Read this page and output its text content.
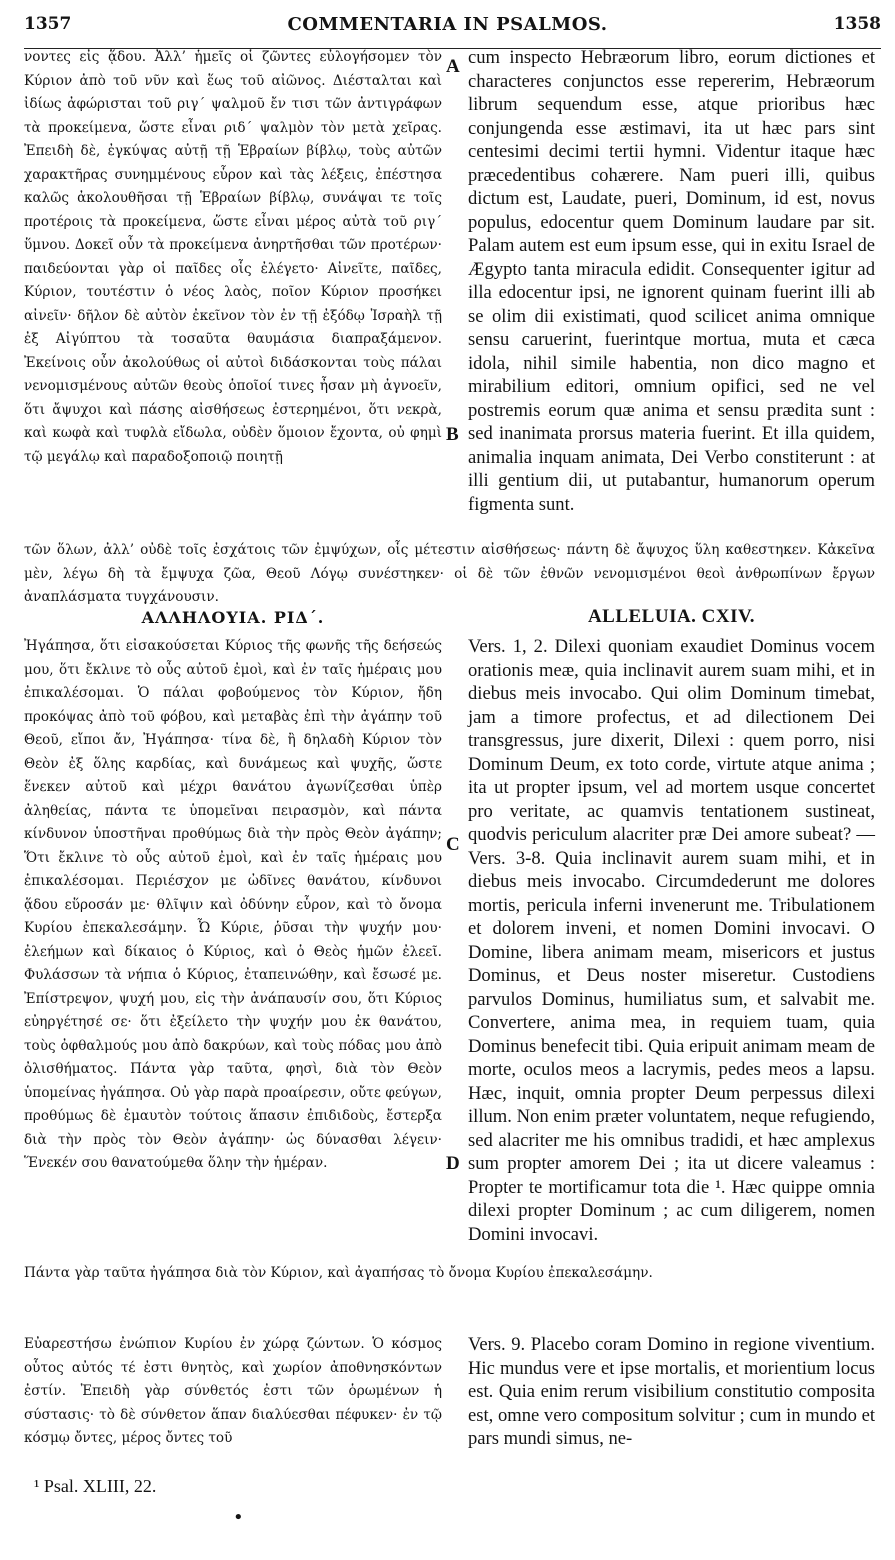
1357	COMMENTARIA IN PSALMOS.	1358

νοντες εἰς ᾅδου. Ἀλλ’ ἡμεῖς οἱ ζῶντες εὐλογήσομεν τὸν Κύριον ἀπὸ τοῦ νῦν καὶ ἕως τοῦ αἰῶνος. Διέσταλται καὶ ἰδίως ἀφώρισται τοῦ ριγ´ ψαλμοῦ ἔν τισι τῶν ἀντιγράφων τὰ προκείμενα, ὥστε εἶναι ριδ´ ψαλμὸν τὸν μετὰ χεῖρας. Ἐπειδὴ δὲ, ἐγκύψας αὐτῇ τῇ Ἑβραίων βίβλῳ, τοὺς αὐτῶν χαρακτῆρας συνημμένους εὗρον καὶ τὰς λέξεις, ἐπέστησα καλῶς ἀκολουθῆσαι τῇ Ἑβραίων βίβλῳ, συνάψαι τε τοῖς προτέροις τὰ προκείμενα, ὥστε εἶναι μέρος αὐτὰ τοῦ ριγ´ ὕμνου. Δοκεῖ οὖν τὰ προκείμενα ἀνηρτῆσθαι τῶν προτέρων· παιδεύονται γὰρ οἱ παῖδες οἷς ἐλέγετο· Αἰνεῖτε, παῖδες, Κύριον, τουτέστιν ὁ νέος λαὸς, ποῖον Κύριον προσήκει αἰνεῖν· δῆλον δὲ αὐτὸν ἐκεῖνον τὸν ἐν τῇ ἐξόδῳ Ἰσραὴλ τῇ ἐξ Αἰγύπτου τὰ τοσαῦτα θαυμάσια διαπραξάμενον. Ἐκείνοις οὖν ἀκολούθως οἱ αὐτοὶ διδάσκονται τοὺς πάλαι νενομισμένους αὐτῶν θεοὺς ὁποῖοί τινες ἦσαν μὴ ἀγνοεῖν, ὅτι ἄψυχοι καὶ πάσης αἰσθήσεως ἐστερημένοι, ὅτι νεκρὰ, καὶ κωφὰ καὶ τυφλὰ εἴδωλα, οὐδὲν ὅμοιον ἔχοντα, οὐ φημὶ τῷ μεγάλῳ καὶ παραδοξοποιῷ ποιητῇ

cum inspecto Hebræorum libro, eorum dictiones et characteres conjunctos esse repererim, Hebræorum librum sequendum esse, atque prioribus hæc conjungenda esse æstimavi, ita ut hæc pars sint centesimi decimi tertii hymni. Videntur itaque hæc præcedentibus cohærere. Nam pueri illi, quibus dictum est, Laudate, pueri, Dominum, id est, novus populus, edocentur quem Dominum laudare par sit. Palam autem est eum ipsum esse, qui in exitu Israel de Ægypto tanta miracula edidit. Consequenter igitur ad illa edocentur ipsi, ne ignorent quinam fuerint illi ab se olim dii existimati, quod scilicet anima omnique sensu caruerint, fuerintque mortua, muta et cæca idola, nihil simile habentia, non dico magno et mirabilium editori, omnium opifici, sed ne vel postremis eorum quæ anima et sensu prædita sunt : sed inanimata prorsus materia fuerint. Et illa quidem, animalia inquam animata, Dei Verbo constiterunt : at illi gentium dii, ut putabantur, humanorum operum figmenta sunt.

τῶν ὅλων, ἀλλ’ οὐδὲ τοῖς ἐσχάτοις τῶν ἐμψύχων, οἷς μέτεστιν αἰσθήσεως· πάντη δὲ ἄψυχος ὕλη καθεστηκεν. Κἀκεῖνα μὲν, λέγω δὴ τὰ ἔμψυχα ζῶα, Θεοῦ Λόγῳ συνέστηκεν· οἱ δὲ τῶν ἐθνῶν νενομισμένοι θεοὶ ἀνθρωπίνων ἔργων ἀναπλάσματα τυγχάνουσιν.

ΑΛΛΗΛΟΥΙΑ. ΡΙΔ´.	ALLELUIA. CXIV.

Ἠγάπησα, ὅτι εἰσακούσεται Κύριος τῆς φωνῆς τῆς δεήσεώς μου, ὅτι ἔκλινε τὸ οὖς αὐτοῦ ἐμοὶ, καὶ ἐν ταῖς ἡμέραις μου ἐπικαλέσομαι. Ὁ πάλαι φοβούμενος τὸν Κύριον, ἤδη προκόψας ἀπὸ τοῦ φόβου, καὶ μεταβὰς ἐπὶ τὴν ἀγάπην τοῦ Θεοῦ, εἴποι ἄν, Ἠγάπησα· τίνα δὲ, ἢ δηλαδὴ Κύριον τὸν Θεὸν ἐξ ὅλης καρδίας, καὶ δυνάμεως καὶ ψυχῆς, ὥστε ἕνεκεν αὐτοῦ καὶ μέχρι θανάτου ἀγωνίζεσθαι ὑπὲρ ἀληθείας, πάντα τε ὑπομεῖναι πειρασμὸν, καὶ πάντα κίνδυνον ὑποστῆναι προθύμως διὰ τὴν πρὸς Θεὸν ἀγάπην; Ὅτι ἔκλινε τὸ οὖς αὐτοῦ ἐμοὶ, καὶ ἐν ταῖς ἡμέραις μου ἐπικαλέσομαι. Περιέσχον με ὠδῖνες θανάτου, κίνδυνοι ᾅδου εὕροσάν με· θλῖψιν καὶ ὀδύνην εὗρον, καὶ τὸ ὄνομα Κυρίου ἐπεκαλεσάμην. Ὦ Κύριε, ῥῦσαι τὴν ψυχήν μου· ἐλεήμων καὶ δίκαιος ὁ Κύριος, καὶ ὁ Θεὸς ἡμῶν ἐλεεῖ. Φυλάσσων τὰ νήπια ὁ Κύριος, ἐταπεινώθην, καὶ ἔσωσέ με. Ἐπίστρεψον, ψυχή μου, εἰς τὴν ἀνάπαυσίν σου, ὅτι Κύριος εὐηργέτησέ σε· ὅτι ἐξείλετο τὴν ψυχήν μου ἐκ θανάτου, τοὺς ὀφθαλμούς μου ἀπὸ δακρύων, καὶ τοὺς πόδας μου ἀπὸ ὀλισθήματος. Πάντα γὰρ ταῦτα, φησὶ, διὰ τὸν Θεὸν ὑπομείνας ἠγάπησα. Οὐ γὰρ παρὰ προαίρεσιν, οὔτε φεύγων, προθύμως δὲ ἐμαυτὸν τούτοις ἅπασιν ἐπιδιδοὺς, ἔστερξα διὰ τὴν πρὸς τὸν Θεὸν ἀγάπην· ὡς δύνασθαι λέγειν· Ἕνεκέν σου θανατούμεθα ὅλην τὴν ἡμέραν.

Vers. 1, 2. Dilexi quoniam exaudiet Dominus vocem orationis meæ, quia inclinavit aurem suam mihi, et in diebus meis invocabo. Qui olim Dominum timebat, jam a timore profectus, et ad dilectionem Dei transgressus, jure dixerit, Dilexi : quem porro, nisi Dominum Deum, ex toto corde, virtute atque anima ; ita ut propter ipsum, vel ad mortem usque concertet pro veritate, ac quamvis tentationem sustineat, quodvis periculum alacriter præ Dei amore subeat? — Vers. 3-8. Quia inclinavit aurem suam mihi, et in diebus meis invocabo. Circumdederunt me dolores mortis, pericula inferni invenerunt me. Tribulationem et dolorem inveni, et nomen Domini invocavi. O Domine, libera animam meam, misericors et justus Dominus, et Deus noster miseretur. Custodiens parvulos Dominus, humiliatus sum, et salvabit me. Convertere, anima mea, in requiem tuam, quia Dominus benefecit tibi. Quia eripuit animam meam de morte, oculos meos a lacrymis, pedes meos a lapsu. Hæc, inquit, omnia propter Deum perpessus dilexi illum. Non enim præter voluntatem, neque refugiendo, sed alacriter me his omnibus tradidi, et hæc amplexus sum propter amorem Dei ; ita ut dicere valeamus : Propter te mortificamur tota die ¹. Hæc quippe omnia dilexi propter Dominum ; ac cum diligerem, nomen Domini invocavi.

Πάντα γὰρ ταῦτα ἠγάπησα διὰ τὸν Κύριον, καὶ ἀγαπήσας τὸ ὄνομα Κυρίου ἐπεκαλεσάμην.

Εὐαρεστήσω ἐνώπιον Κυρίου ἐν χώρᾳ ζώντων. Ὁ κόσμος οὗτος αὐτός τέ ἐστι θνητὸς, καὶ χωρίον ἀποθνησκόντων ἐστίν. Ἐπειδὴ γὰρ σύνθετός ἐστι τῶν ὁρωμένων ἡ σύστασις· τὸ δὲ σύνθετον ἅπαν διαλύεσθαι πέφυκεν· ἐν τῷ κόσμῳ ὄντες, μέρος ὄντες τοῦ

Vers. 9. Placebo coram Domino in regione viventium. Hic mundus vere et ipse mortalis, et morientium locus est. Quia enim rerum visibilium constitutio composita est, omne vero compositum solvitur ; cum in mundo et pars mundi simus, ne-

A
B
C
D
¹ Psal. XLIII, 22.
•
